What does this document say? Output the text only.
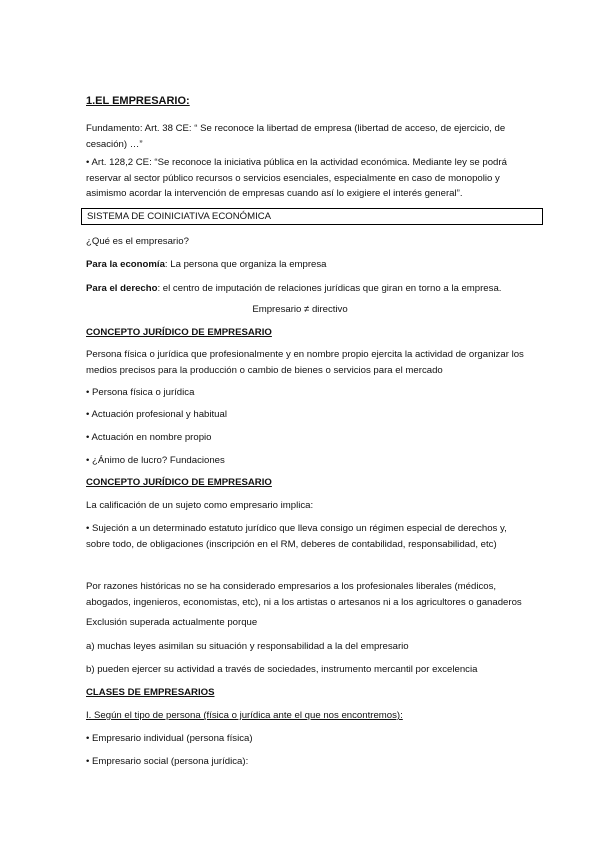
1.EL EMPRESARIO:
Fundamento: Art. 38 CE: “ Se reconoce la libertad de empresa (libertad de acceso, de ejercicio, de cesación) …”
• Art. 128,2 CE: “Se reconoce la iniciativa pública en la actividad económica. Mediante ley se podrá reservar al sector público recursos o servicios esenciales, especialmente en caso de monopolio y asimismo acordar la intervención de empresas cuando así lo exigiere el interés general”.
SISTEMA DE COINICIATIVA ECONÓMICA
¿Qué es el empresario?
Para la economía: La persona que organiza la empresa
Para el derecho: el centro de imputación de relaciones jurídicas que giran en torno a la empresa.
Empresario ≠ directivo
CONCEPTO JURÍDICO DE EMPRESARIO
Persona física o jurídica que profesionalmente y en nombre propio ejercita la actividad de organizar los medios precisos para la producción o cambio de bienes o servicios para el mercado
• Persona física o jurídica
• Actuación profesional y habitual
• Actuación en nombre propio
• ¿Ánimo de lucro? Fundaciones
CONCEPTO JURÍDICO DE EMPRESARIO
La calificación de un sujeto como empresario implica:
• Sujeción a un determinado estatuto jurídico que lleva consigo un régimen especial de derechos y, sobre todo, de obligaciones (inscripción en el RM, deberes de contabilidad, responsabilidad, etc)
Por razones históricas no se ha considerado empresarios a los profesionales liberales (médicos, abogados, ingenieros, economistas, etc), ni a los artistas o artesanos ni a los agricultores o ganaderos
Exclusión superada actualmente porque
a) muchas leyes asimilan su situación y responsabilidad a la del empresario
b) pueden ejercer su actividad a través de sociedades, instrumento mercantil por excelencia
CLASES DE EMPRESARIOS
I. Según el tipo de persona (física o jurídica ante el que nos encontremos):
• Empresario individual (persona física)
• Empresario social (persona jurídica):
